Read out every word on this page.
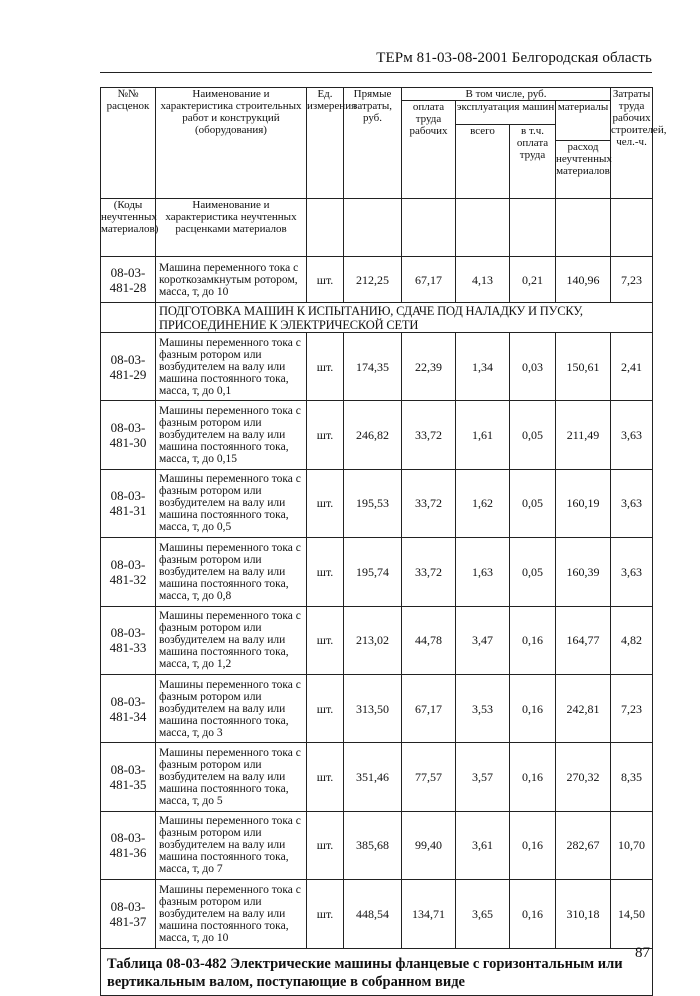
ТЕРм 81-03-08-2001 Белгородская область
№№ расценок	Наименование и характеристика строительных работ и конструкций (оборудования)	Ед. измерения	Прямые затраты, руб.	В том числе, руб.				Затраты труда рабочих строителей, чел.-ч.
				оплата труда рабочих	эксплуатация машин		материалы	
					всего	в т.ч. оплата труда		
							расход неучтенных материалов	
(Коды неучтенных материалов)	Наименование и характеристика неучтенных расценками материалов							
08-03-481-28	Машина переменного тока с короткозамкнутым ротором, масса, т, до 10	шт.	212,25	67,17	4,13	0,21	140,96	7,23
	ПОДГОТОВКА МАШИН К ИСПЫТАНИЮ, СДАЧЕ ПОД НАЛАДКУ И ПУСКУ, ПРИСОЕДИНЕНИЕ К ЭЛЕКТРИЧЕСКОЙ СЕТИ							
08-03-481-29	Машины переменного тока с фазным ротором или возбудителем на валу или машина постоянного тока, масса, т, до 0,1	шт.	174,35	22,39	1,34	0,03	150,61	2,41
08-03-481-30	Машины переменного тока с фазным ротором или возбудителем на валу или машина постоянного тока, масса, т, до 0,15	шт.	246,82	33,72	1,61	0,05	211,49	3,63
08-03-481-31	Машины переменного тока с фазным ротором или возбудителем на валу или машина постоянного тока, масса, т, до 0,5	шт.	195,53	33,72	1,62	0,05	160,19	3,63
08-03-481-32	Машины переменного тока с фазным ротором или возбудителем на валу или машина постоянного тока, масса, т, до 0,8	шт.	195,74	33,72	1,63	0,05	160,39	3,63
08-03-481-33	Машины переменного тока с фазным ротором или возбудителем на валу или машина постоянного тока, масса, т, до 1,2	шт.	213,02	44,78	3,47	0,16	164,77	4,82
08-03-481-34	Машины переменного тока с фазным ротором или возбудителем на валу или машина постоянного тока, масса, т, до 3	шт.	313,50	67,17	3,53	0,16	242,81	7,23
08-03-481-35	Машины переменного тока с фазным ротором или возбудителем на валу или машина постоянного тока, масса, т, до 5	шт.	351,46	77,57	3,57	0,16	270,32	8,35
08-03-481-36	Машины переменного тока с фазным ротором или возбудителем на валу или машина постоянного тока, масса, т, до 7	шт.	385,68	99,40	3,61	0,16	282,67	10,70
08-03-481-37	Машины переменного тока с фазным ротором или возбудителем на валу или машина постоянного тока, масса, т, до 10	шт.	448,54	134,71	3,65	0,16	310,18	14,50
Таблица 08-03-482 Электрические машины фланцевые с горизонтальным или вертикальным валом, поступающие в собранном виде								
87
